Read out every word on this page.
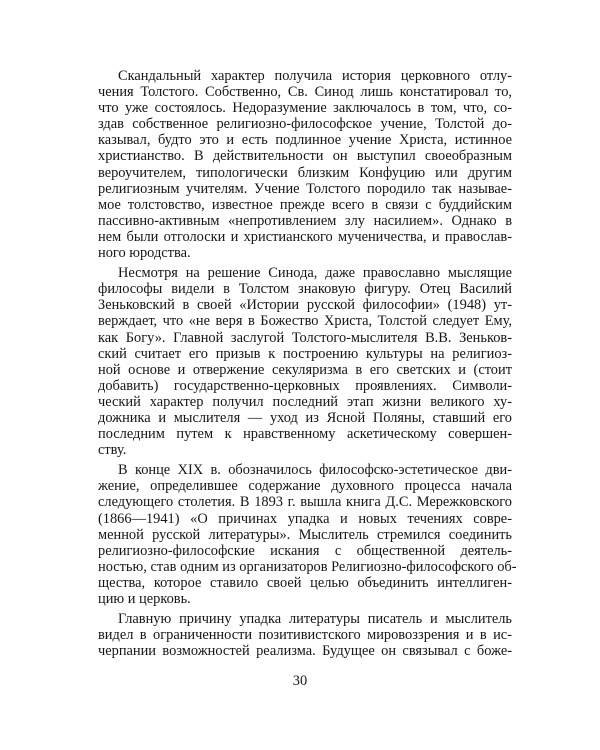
Скандальный характер получила история церковного отлу-
чения Толстого. Собственно, Св. Синод лишь констатировал то,
что уже состоялось. Недоразумение заключалось в том, что, со-
здав собственное религиозно-философское учение, Толстой до-
казывал, будто это и есть подлинное учение Христа, истинное
христианство. В действительности он выступил своеобразным
вероучителем, типологически близким Конфуцию или другим
религиозным учителям. Учение Толстого породило так называе-
мое толстовство, известное прежде всего в связи с буддийским
пассивно-активным «непротивлением злу насилием». Однако в
нем были отголоски и христианского мученичества, и православ-
ного юродства.
Несмотря на решение Синода, даже православно мыслящие
философы видели в Толстом знаковую фигуру. Отец Василий
Зеньковский в своей «Истории русской философии» (1948) ут-
верждает, что «не веря в Божество Христа, Толстой следует Ему,
как Богу». Главной заслугой Толстого-мыслителя В.В. Зеньков-
ский считает его призыв к построению культуры на религиоз-
ной основе и отвержение секуляризма в его светских и (стоит
добавить) государственно-церковных проявлениях. Символи-
ческий характер получил последний этап жизни великого ху-
дожника и мыслителя — уход из Ясной Поляны, ставший его
последним путем к нравственному аскетическому совершен-
ству.
В конце XIX в. обозначилось философско-эстетическое дви-
жение, определившее содержание духовного процесса начала
следующего столетия. В 1893 г. вышла книга Д.С. Мережковского
(1866—1941) «О причинах упадка и новых течениях совре-
менной русской литературы». Мыслитель стремился соединить
религиозно-философские искания с общественной деятель-
ностью, став одним из организаторов Религиозно-философского об-
щества, которое ставило своей целью объединить интеллиген-
цию и церковь.
Главную причину упадка литературы писатель и мыслитель
видел в ограниченности позитивистского мировоззрения и в ис-
черпании возможностей реализма. Будущее он связывал с боже-
30
